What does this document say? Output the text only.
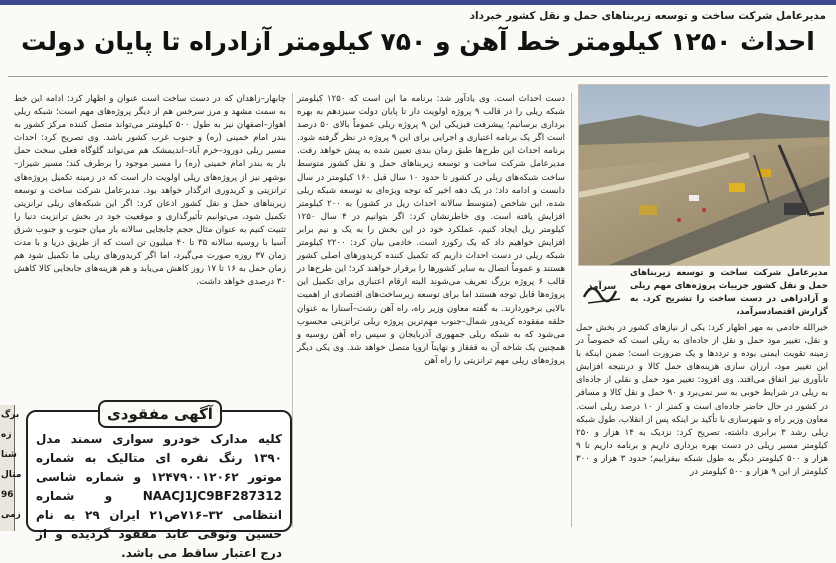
مدیرعامل شرکت ساخت و توسعه زیربناهای حمل و نقل کشور خبرداد
احداث ۱۲۵۰ کیلومتر خط آهن و ۷۵۰ کیلومتر آزادراه تا پایان دولت
مدیرعامل شرکت ساخت و توسعه زیربناهای حمل و نقل کشور جزییات پروژه‌های مهم ریلی و آزادراهی در دست ساخت را تشریح کرد. به گزارش اقتصادسرآمد،
سرآمد

خیرالله خادمی به مهر اظهار کرد: یکی از نیازهای کشور در بخش حمل و نقل، تغییر مود حمل و نقل از جاده‌ای به ریلی است که خصوصاً در زمینه تقویت ایمنی بوده و ترددها و یک ضرورت است؛ ضمن اینکه با این تغییر مود، ارزان سازی هزینه‌های حمل کالا و درنتیجه افزایش تابآوری نیز اتفاق می‌افتد. وی افزود: تغییر مود حمل و نقلی از جاده‌ای به ریلی در شرایط خوبی به سر نمی‌برد و ۹۰ حمل و نقل کالا و مسافر در کشور در حال حاضر جاده‌ای است و کمتر از ۱۰ درصد ریلی است. معاون وزیر راه و شهرسازی با تأکید بر اینکه پس از انقلاب، طول شبکه ریلی رشد ۳ برابری داشته، تصریح کرد: نزدیک به ۱۴ هزار و ۲۵۰ کیلومتر مسیر ریلی در دست بهره برداری داریم و برنامه داریم تا ۹ هزار و ۵۰۰ کیلومتر دیگر به طول شبکه بیفزاییم؛ حدود ۳ هزار و ۳۰۰ کیلومتر از این ۹ هزار و ۵۰۰ کیلومتر در

دست احداث است. وی یادآور شد: برنامه ما این است که ۱۲۵۰ کیلومتر شبکه ریلی را در قالب ۹ پروژه اولویت دار تا پایان دولت سیزدهم به بهره برداری برسانیم؛ پیشرفت فیزیکی این ۹ پروژه ریلی عموماً بالای ۵۰ درصد است اگر یک برنامه اعتباری و اجرایی برای این ۹ پروژه در نظر گرفته شود. برنامه احداث این طرح‌ها طبق زمان بندی تعیین شده به پیش خواهد رفت. مدیرعامل شرکت ساخت و توسعه زیربناهای حمل و نقل کشور متوسط ساخت شبکه‌های ریلی در کشور تا حدود ۱۰ سال قبل ۱۶۰ کیلومتر در سال دانست و ادامه داد: در یک دهه اخیر که توجه ویژه‌ای به توسعه شبکه ریلی شده، این شاخص (متوسط سالانه احداث ریل در کشور) به ۲۰۰ کیلومتر افزایش یافته است. وی خاطرنشان کرد: اگر بتوانیم در ۴ سال ۱۲۵۰ کیلومتر ریل ایجاد کنیم، عملکرد خود در این بخش را به یک و نیم برابر افزایش خواهیم داد که یک رکورد است. خادمی بیان کرد: ۲۲۰۰ کیلومتر شبکه ریلی در دست احداث داریم که تکمیل کننده کریدورهای اصلی کشور هستند و عموماً اتصال به سایر کشورها را برقرار خواهند کرد؛ این طرح‌ها در قالب ۶ پروژه بزرگ تعریف می‌شوند البته ارقام اعتباری برای تکمیل این پروژه‌ها قابل توجه هستند اما برای توسعه زیرساخت‌های اقتصادی از اهمیت بالایی برخوردارند. به گفته معاون وزیر راه، راه آهن رشت–آستارا به عنوان حلقه مفقوده کریدور شمال–جنوب مهم‌ترین پروژه ریلی ترانزیتی محسوب می‌شود که به شبکه ریلی جمهوری آذربایجان و سپس راه آهن روسیه و همچنین یک شاخه آن به قفقاز و نهایتاً اروپا متصل خواهد شد. وی یکی دیگر پروژه‌های ریلی مهم ترانزیتی را راه آهن

چابهار–زاهدان که در دست ساخت است عنوان و اظهار کرد: ادامه این خط به سمت مشهد و مرز سرخس هم از دیگر پروژه‌های مهم است؛ شبکه ریلی اهواز–اصفهان نیز به طول ۵۰۰ کیلومتر می‌تواند متصل کننده مرکز کشور به بندر امام خمینی (ره) و جنوب غرب کشور باشد. وی تصریح کرد: احداث مسیر ریلی دورود–خرم آباد–اندیمشک هم می‌تواند گلوگاه فعلی سخت حمل بار به بندر امام خمینی (ره) را مسیر موجود را برطرف کند؛ مسیر شیراز–بوشهر نیز از پروژه‌های ریلی اولویت دار است که در زمینه تکمیل پروژه‌های ترانزیتی و کریدوری اثرگذار خواهد بود. مدیرعامل شرکت ساخت و توسعه زیربناهای حمل و نقل کشور اذعان کرد: اگر این شبکه‌های ریلی ترانزیتی تکمیل شود، می‌توانیم تأثیرگذاری و موقعیت خود در بخش ترانزیت دنیا را تثبیت کنیم به عنوان مثال حجم جابجایی سالانه بار میان جنوب و جنوب شرق آسیا با روسیه سالانه ۳۵ تا ۴۰ میلیون تن است که از طریق دریا و با مدت زمان ۳۷ روزه صورت می‌گیرد، اما اگر کریدورهای ریلی ما تکمیل شود هم زمان حمل به ۱۶ تا ۱۷ روز کاهش می‌یابد و هم هزینه‌های جابجایی کالا کاهش ۳۰ درصدی خواهد داشت.

آگهی مفقودی
کلیه مدارک خودرو سواری سمند مدل ۱۳۹۰ رنگ نقره ای متالیک به شماره موتور ۱۲۴۷۹۰۰۱۲۰۶۲ و شماره شاسی NAACJ1JC9BF287312 و شماره انتظامی ۳۲–۷۱۶ص۲۱ ایران ۲۹ به نام حسین وثوقی عابد مفقود گردیده و از درج اعتبار ساقط می باشد.
برگ
زه
شنا
متال
96
زمی
